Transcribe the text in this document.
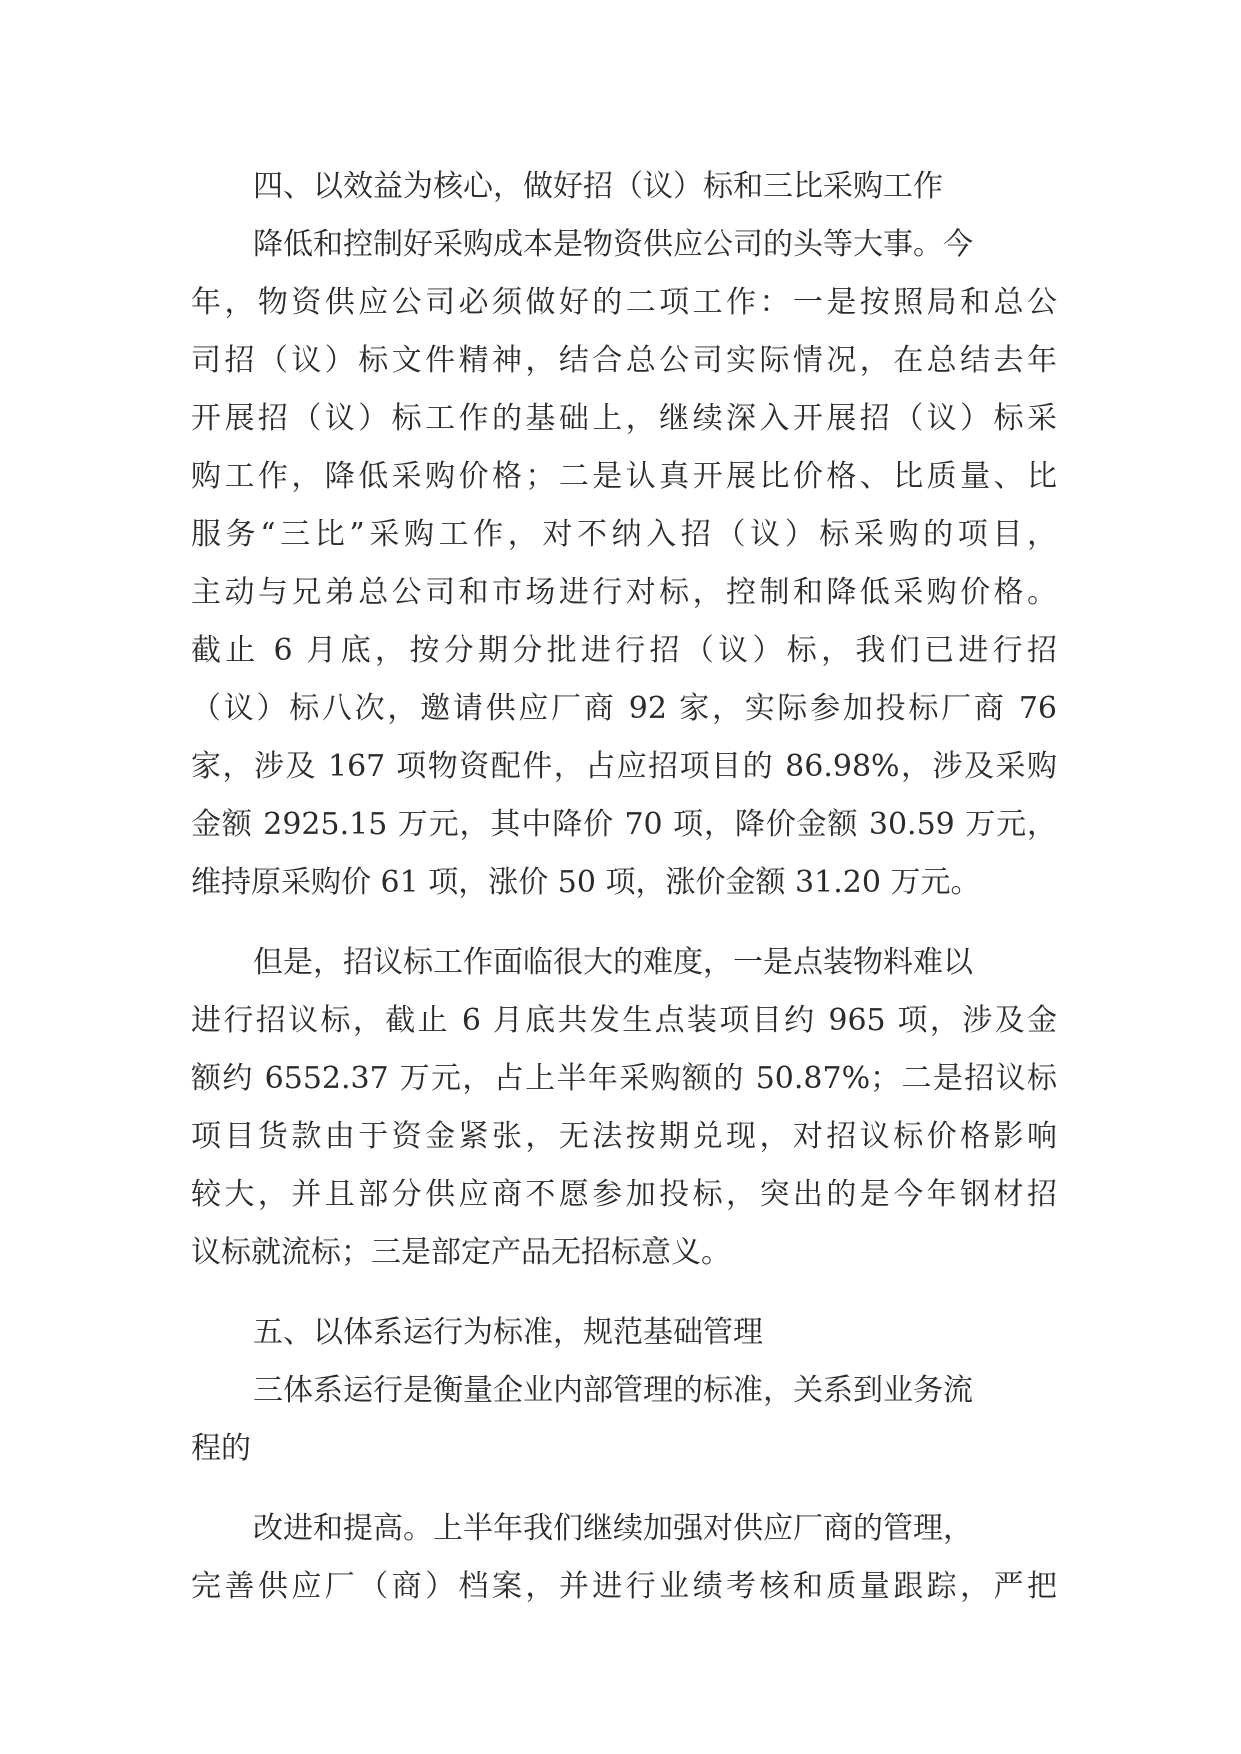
四、以效益为核心，做好招（议）标和三比采购工作
降低和控制好采购成本是物资供应公司的头等大事。今
年，物资供应公司必须做好的二项工作：一是按照局和总公
司招（议）标文件精神，结合总公司实际情况，在总结去年
开展招（议）标工作的基础上，继续深入开展招（议）标采
购工作，降低采购价格；二是认真开展比价格、比质量、比
服务“三比”采购工作，对不纳入招（议）标采购的项目，
主动与兄弟总公司和市场进行对标，控制和降低采购价格。
截止 6 月底，按分期分批进行招（议）标，我们已进行招
（议）标八次，邀请供应厂商 92 家，实际参加投标厂商 76
家，涉及 167 项物资配件，占应招项目的 86.98%，涉及采购
金额 2925.15 万元，其中降价 70 项，降价金额 30.59 万元，
维持原采购价 61 项，涨价 50 项，涨价金额 31.20 万元。
但是，招议标工作面临很大的难度，一是点装物料难以
进行招议标，截止 6 月底共发生点装项目约 965 项，涉及金
额约 6552.37 万元，占上半年采购额的 50.87%；二是招议标
项目货款由于资金紧张，无法按期兑现，对招议标价格影响
较大，并且部分供应商不愿参加投标，突出的是今年钢材招
议标就流标；三是部定产品无招标意义。
五、以体系运行为标准，规范基础管理
三体系运行是衡量企业内部管理的标准，关系到业务流
程的
改进和提高。上半年我们继续加强对供应厂商的管理，
完善供应厂（商）档案，并进行业绩考核和质量跟踪，严把
